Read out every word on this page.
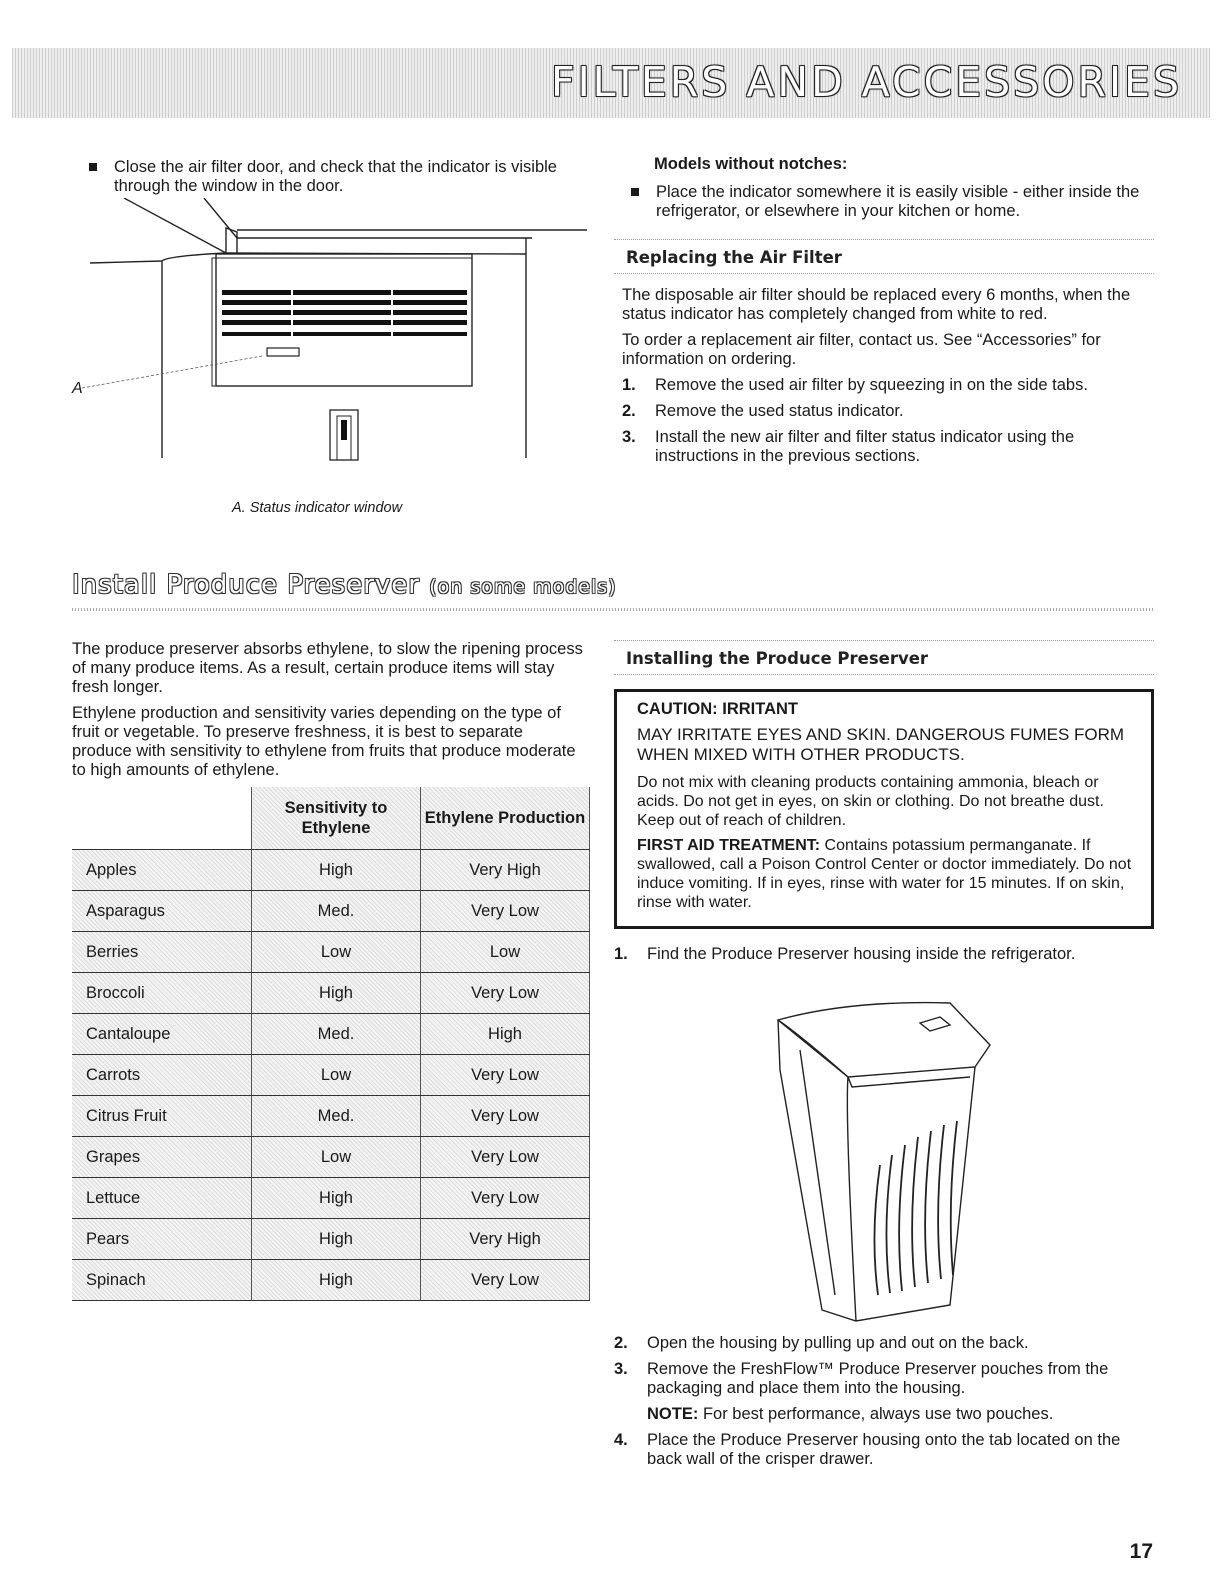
FILTERS AND ACCESSORIES
Close the air filter door, and check that the indicator is visible through the window in the door.
A
A. Status indicator window
Models without notches:
Place the indicator somewhere it is easily visible - either inside the refrigerator, or elsewhere in your kitchen or home.
Replacing the Air Filter

The disposable air filter should be replaced every 6 months, when the status indicator has completely changed from white to red.

To order a replacement air filter, contact us. See “Accessories” for information on ordering.

1. Remove the used air filter by squeezing in on the side tabs.
2. Remove the used status indicator.
3. Install the new air filter and filter status indicator using the instructions in the previous sections.
Install Produce Preserver (on some models)

The produce preserver absorbs ethylene, to slow the ripening process of many produce items. As a result, certain produce items will stay fresh longer.

Ethylene production and sensitivity varies depending on the type of fruit or vegetable. To preserve freshness, it is best to separate produce with sensitivity to ethylene from fruits that produce moderate to high amounts of ethylene.

	Sensitivity to Ethylene	Ethylene Production
Apples	High	Very High
Asparagus	Med.	Very Low
Berries	Low	Low
Broccoli	High	Very Low
Cantaloupe	Med.	High
Carrots	Low	Very Low
Citrus Fruit	Med.	Very Low
Grapes	Low	Very Low
Lettuce	High	Very Low
Pears	High	Very High
Spinach	High	Very Low
Installing the Produce Preserver
CAUTION: IRRITANT
MAY IRRITATE EYES AND SKIN. DANGEROUS FUMES FORM WHEN MIXED WITH OTHER PRODUCTS.
Do not mix with cleaning products containing ammonia, bleach or acids. Do not get in eyes, on skin or clothing. Do not breathe dust. Keep out of reach of children.
FIRST AID TREATMENT: Contains potassium permanganate. If swallowed, call a Poison Control Center or doctor immediately. Do not induce vomiting. If in eyes, rinse with water for 15 minutes. If on skin, rinse with water.
1. Find the Produce Preserver housing inside the refrigerator.
2. Open the housing by pulling up and out on the back.
3. Remove the FreshFlow™ Produce Preserver pouches from the packaging and place them into the housing.
NOTE: For best performance, always use two pouches.
4. Place the Produce Preserver housing onto the tab located on the back wall of the crisper drawer.
17
